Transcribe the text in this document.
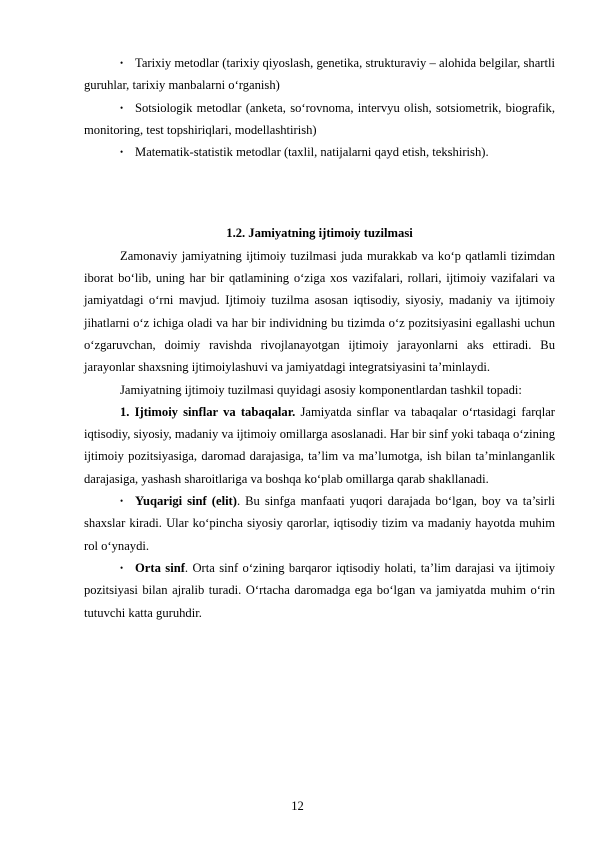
• Tarixiy metodlar (tarixiy qiyoslash, genetika, strukturaviy – alohida belgilar, shartli guruhlar, tarixiy manbalarni o‘rganish)
• Sotsiologik metodlar (anketa, so‘rovnoma, intervyu olish, sotsiometrik, biografik, monitoring, test topshiriqlari, modellashtirish)
• Matematik-statistik metodlar (taxlil, natijalarni qayd etish, tekshirish).

1.2. Jamiyatning ijtimoiy tuzilmasi

Zamonaviy jamiyatning ijtimoiy tuzilmasi juda murakkab va ko‘p qatlamli tizimdan iborat bo‘lib, uning har bir qatlamining o‘ziga xos vazifalari, rollari, ijtimoiy vazifalari va jamiyatdagi o‘rni mavjud. Ijtimoiy tuzilma asosan iqtisodiy, siyosiy, madaniy va ijtimoiy jihatlarni o‘z ichiga oladi va har bir individning bu tizimda o‘z pozitsiyasini egallashi uchun o‘zgaruvchan, doimiy ravishda rivojlanayotgan ijtimoiy jarayonlarni aks ettiradi. Bu jarayonlar shaxsning ijtimoiylashuvi va jamiyatdagi integratsiyasini ta’minlaydi.

Jamiyatning ijtimoiy tuzilmasi quyidagi asosiy komponentlardan tashkil topadi:

1. Ijtimoiy sinflar va tabaqalar. Jamiyatda sinflar va tabaqalar o‘rtasidagi farqlar iqtisodiy, siyosiy, madaniy va ijtimoiy omillarga asoslanadi. Har bir sinf yoki tabaqa o‘zining ijtimoiy pozitsiyasiga, daromad darajasiga, ta’lim va ma’lumotga, ish bilan ta’minlanganlik darajasiga, yashash sharoitlariga va boshqa ko‘plab omillarga qarab shakllanadi.

• Yuqarigi sinf (elit). Bu sinfga manfaati yuqori darajada bo‘lgan, boy va ta’sirli shaxslar kiradi. Ular ko‘pincha siyosiy qarorlar, iqtisodiy tizim va madaniy hayotda muhim rol o‘ynaydi.
• Orta sinf. Orta sinf o‘zining barqaror iqtisodiy holati, ta’lim darajasi va ijtimoiy pozitsiyasi bilan ajralib turadi. O‘rtacha daromadga ega bo‘lgan va jamiyatda muhim o‘rin tutuvchi katta guruhdir.
12
